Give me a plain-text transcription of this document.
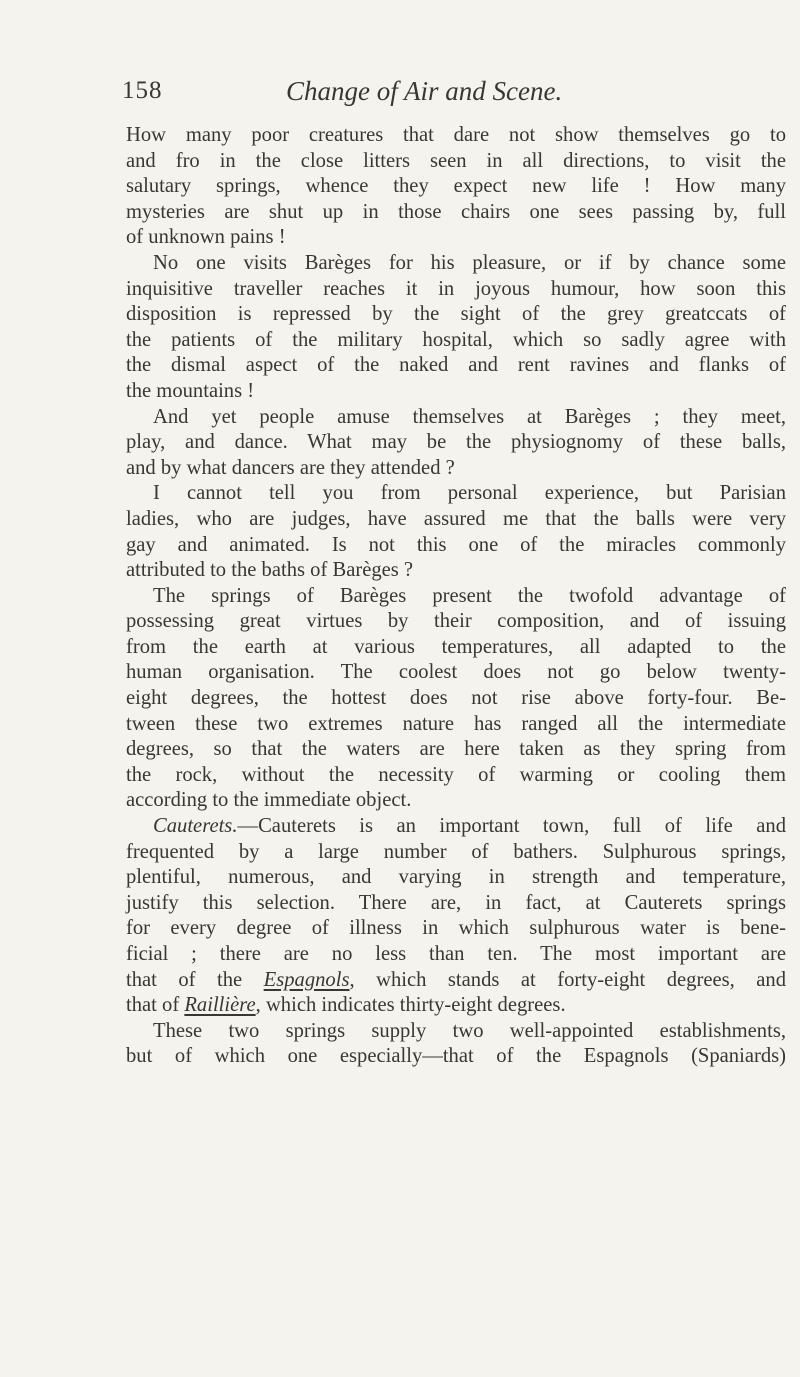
158	Change of Air and Scene.
How many poor creatures that dare not show themselves go to
and fro in the close litters seen in all directions, to visit the
salutary springs, whence they expect new life ! How many
mysteries are shut up in those chairs one sees passing by, full
of unknown pains !
No one visits Barèges for his pleasure, or if by chance some
inquisitive traveller reaches it in joyous humour, how soon this
disposition is repressed by the sight of the grey greatccats of
the patients of the military hospital, which so sadly agree with
the dismal aspect of the naked and rent ravines and flanks of
the mountains !
And yet people amuse themselves at Barèges ; they meet,
play, and dance. What may be the physiognomy of these balls,
and by what dancers are they attended ?
I cannot tell you from personal experience, but Parisian
ladies, who are judges, have assured me that the balls were very
gay and animated. Is not this one of the miracles commonly
attributed to the baths of Barèges ?
The springs of Barèges present the twofold advantage of
possessing great virtues by their composition, and of issuing
from the earth at various temperatures, all adapted to the
human organisation. The coolest does not go below twenty-
eight degrees, the hottest does not rise above forty-four. Be-
tween these two extremes nature has ranged all the intermediate
degrees, so that the waters are here taken as they spring from
the rock, without the necessity of warming or cooling them
according to the immediate object.
Cauterets.—Cauterets is an important town, full of life and
frequented by a large number of bathers. Sulphurous springs,
plentiful, numerous, and varying in strength and temperature,
justify this selection. There are, in fact, at Cauterets springs
for every degree of illness in which sulphurous water is bene-
ficial ; there are no less than ten. The most important are
that of the Espagnols, which stands at forty-eight degrees, and
that of Raillière, which indicates thirty-eight degrees.
These two springs supply two well-appointed establishments,
but of which one especially—that of the Espagnols (Spaniards)
